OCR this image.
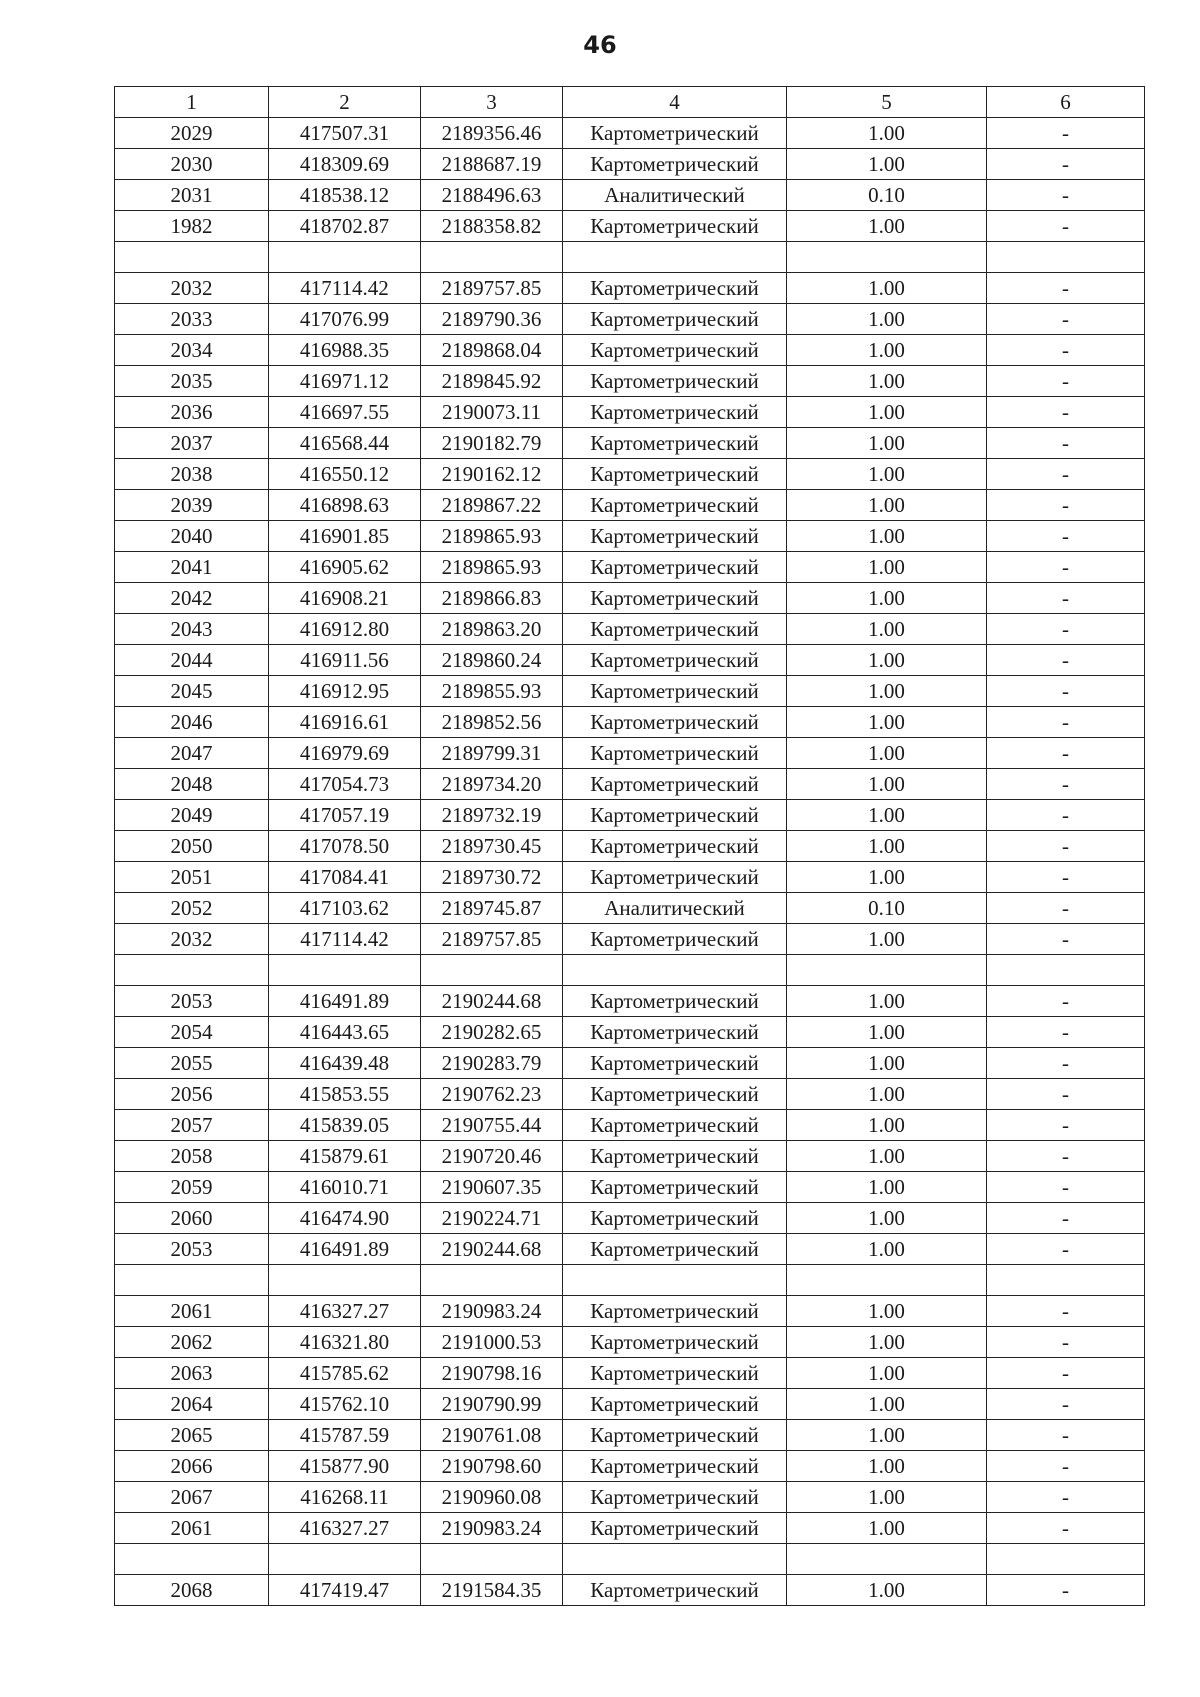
46
1	2	3	4	5	6
2029	417507.31	2189356.46	Картометрический	1.00	-
2030	418309.69	2188687.19	Картометрический	1.00	-
2031	418538.12	2188496.63	Аналитический	0.10	-
1982	418702.87	2188358.82	Картометрический	1.00	-

2032	417114.42	2189757.85	Картометрический	1.00	-
2033	417076.99	2189790.36	Картометрический	1.00	-
2034	416988.35	2189868.04	Картометрический	1.00	-
2035	416971.12	2189845.92	Картометрический	1.00	-
2036	416697.55	2190073.11	Картометрический	1.00	-
2037	416568.44	2190182.79	Картометрический	1.00	-
2038	416550.12	2190162.12	Картометрический	1.00	-
2039	416898.63	2189867.22	Картометрический	1.00	-
2040	416901.85	2189865.93	Картометрический	1.00	-
2041	416905.62	2189865.93	Картометрический	1.00	-
2042	416908.21	2189866.83	Картометрический	1.00	-
2043	416912.80	2189863.20	Картометрический	1.00	-
2044	416911.56	2189860.24	Картометрический	1.00	-
2045	416912.95	2189855.93	Картометрический	1.00	-
2046	416916.61	2189852.56	Картометрический	1.00	-
2047	416979.69	2189799.31	Картометрический	1.00	-
2048	417054.73	2189734.20	Картометрический	1.00	-
2049	417057.19	2189732.19	Картометрический	1.00	-
2050	417078.50	2189730.45	Картометрический	1.00	-
2051	417084.41	2189730.72	Картометрический	1.00	-
2052	417103.62	2189745.87	Аналитический	0.10	-
2032	417114.42	2189757.85	Картометрический	1.00	-

2053	416491.89	2190244.68	Картометрический	1.00	-
2054	416443.65	2190282.65	Картометрический	1.00	-
2055	416439.48	2190283.79	Картометрический	1.00	-
2056	415853.55	2190762.23	Картометрический	1.00	-
2057	415839.05	2190755.44	Картометрический	1.00	-
2058	415879.61	2190720.46	Картометрический	1.00	-
2059	416010.71	2190607.35	Картометрический	1.00	-
2060	416474.90	2190224.71	Картометрический	1.00	-
2053	416491.89	2190244.68	Картометрический	1.00	-

2061	416327.27	2190983.24	Картометрический	1.00	-
2062	416321.80	2191000.53	Картометрический	1.00	-
2063	415785.62	2190798.16	Картометрический	1.00	-
2064	415762.10	2190790.99	Картометрический	1.00	-
2065	415787.59	2190761.08	Картометрический	1.00	-
2066	415877.90	2190798.60	Картометрический	1.00	-
2067	416268.11	2190960.08	Картометрический	1.00	-
2061	416327.27	2190983.24	Картометрический	1.00	-

2068	417419.47	2191584.35	Картометрический	1.00	-
